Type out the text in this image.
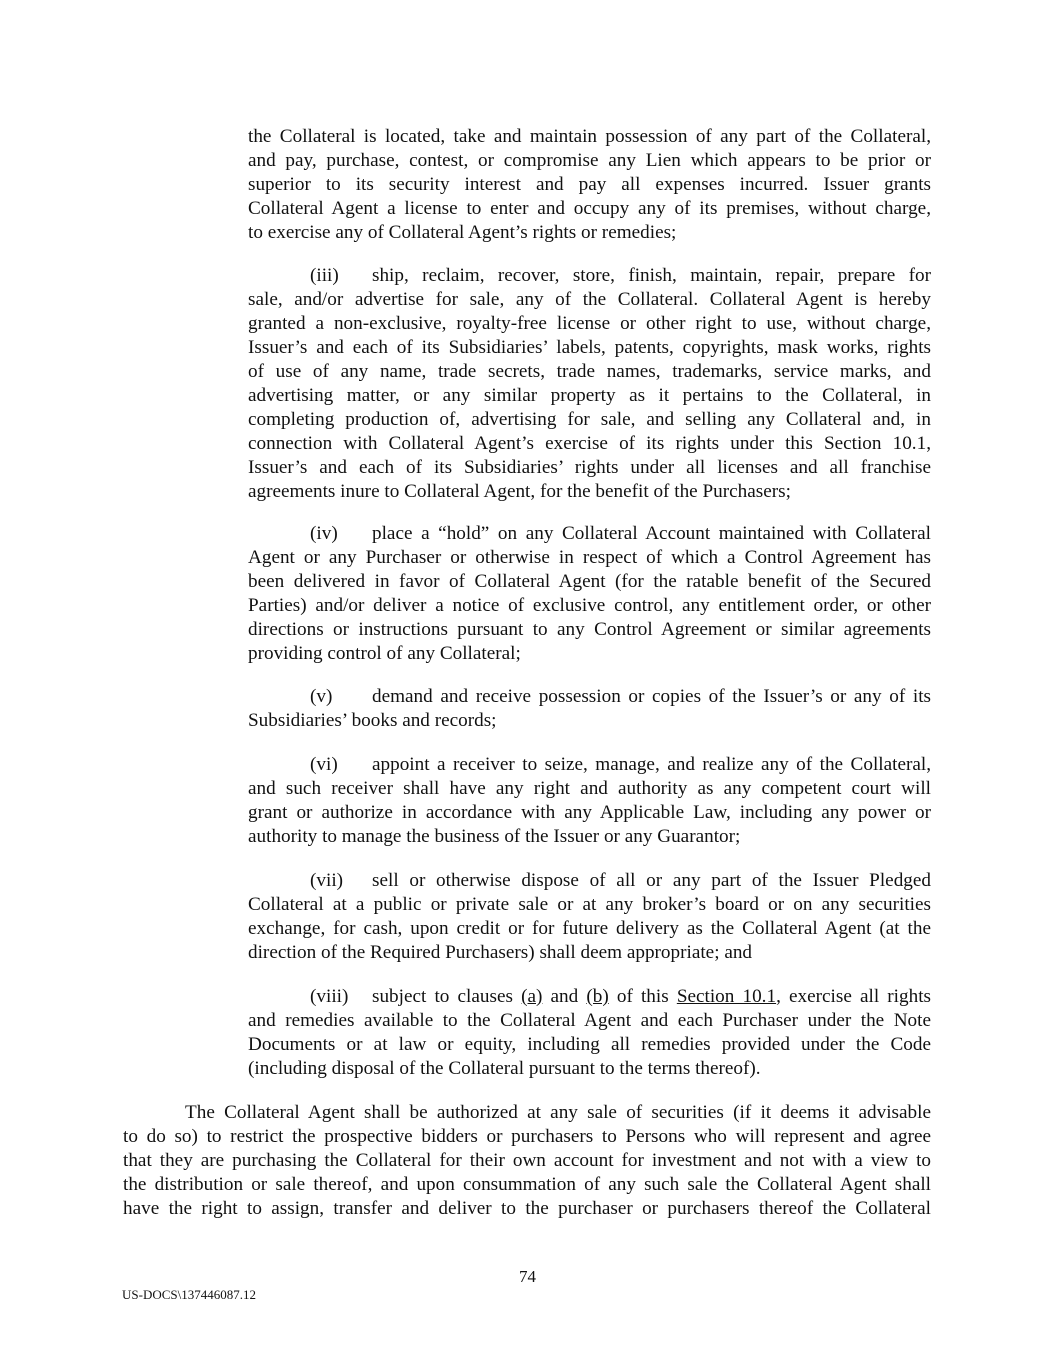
the Collateral is located, take and maintain possession of any part of the Collateral,
and pay, purchase, contest, or compromise any Lien which appears to be prior or
superior to its security interest and pay all expenses incurred. Issuer grants
Collateral Agent a license to enter and occupy any of its premises, without charge,
to exercise any of Collateral Agent’s rights or remedies;
(iii) ship, reclaim, recover, store, finish, maintain, repair, prepare for
sale, and/or advertise for sale, any of the Collateral. Collateral Agent is hereby
granted a non-exclusive, royalty-free license or other right to use, without charge,
Issuer’s and each of its Subsidiaries’ labels, patents, copyrights, mask works, rights
of use of any name, trade secrets, trade names, trademarks, service marks, and
advertising matter, or any similar property as it pertains to the Collateral, in
completing production of, advertising for sale, and selling any Collateral and, in
connection with Collateral Agent’s exercise of its rights under this Section 10.1,
Issuer’s and each of its Subsidiaries’ rights under all licenses and all franchise
agreements inure to Collateral Agent, for the benefit of the Purchasers;
(iv) place a “hold” on any Collateral Account maintained with Collateral
Agent or any Purchaser or otherwise in respect of which a Control Agreement has
been delivered in favor of Collateral Agent (for the ratable benefit of the Secured
Parties) and/or deliver a notice of exclusive control, any entitlement order, or other
directions or instructions pursuant to any Control Agreement or similar agreements
providing control of any Collateral;
(v) demand and receive possession or copies of the Issuer’s or any of its
Subsidiaries’ books and records;
(vi) appoint a receiver to seize, manage, and realize any of the Collateral,
and such receiver shall have any right and authority as any competent court will
grant or authorize in accordance with any Applicable Law, including any power or
authority to manage the business of the Issuer or any Guarantor;
(vii) sell or otherwise dispose of all or any part of the Issuer Pledged
Collateral at a public or private sale or at any broker’s board or on any securities
exchange, for cash, upon credit or for future delivery as the Collateral Agent (at the
direction of the Required Purchasers) shall deem appropriate; and
(viii) subject to clauses (a) and (b) of this Section 10.1, exercise all rights
and remedies available to the Collateral Agent and each Purchaser under the Note
Documents or at law or equity, including all remedies provided under the Code
(including disposal of the Collateral pursuant to the terms thereof).
The Collateral Agent shall be authorized at any sale of securities (if it deems it advisable
to do so) to restrict the prospective bidders or purchasers to Persons who will represent and agree
that they are purchasing the Collateral for their own account for investment and not with a view to
the distribution or sale thereof, and upon consummation of any such sale the Collateral Agent shall
have the right to assign, transfer and deliver to the purchaser or purchasers thereof the Collateral
74
US-DOCS\137446087.12
